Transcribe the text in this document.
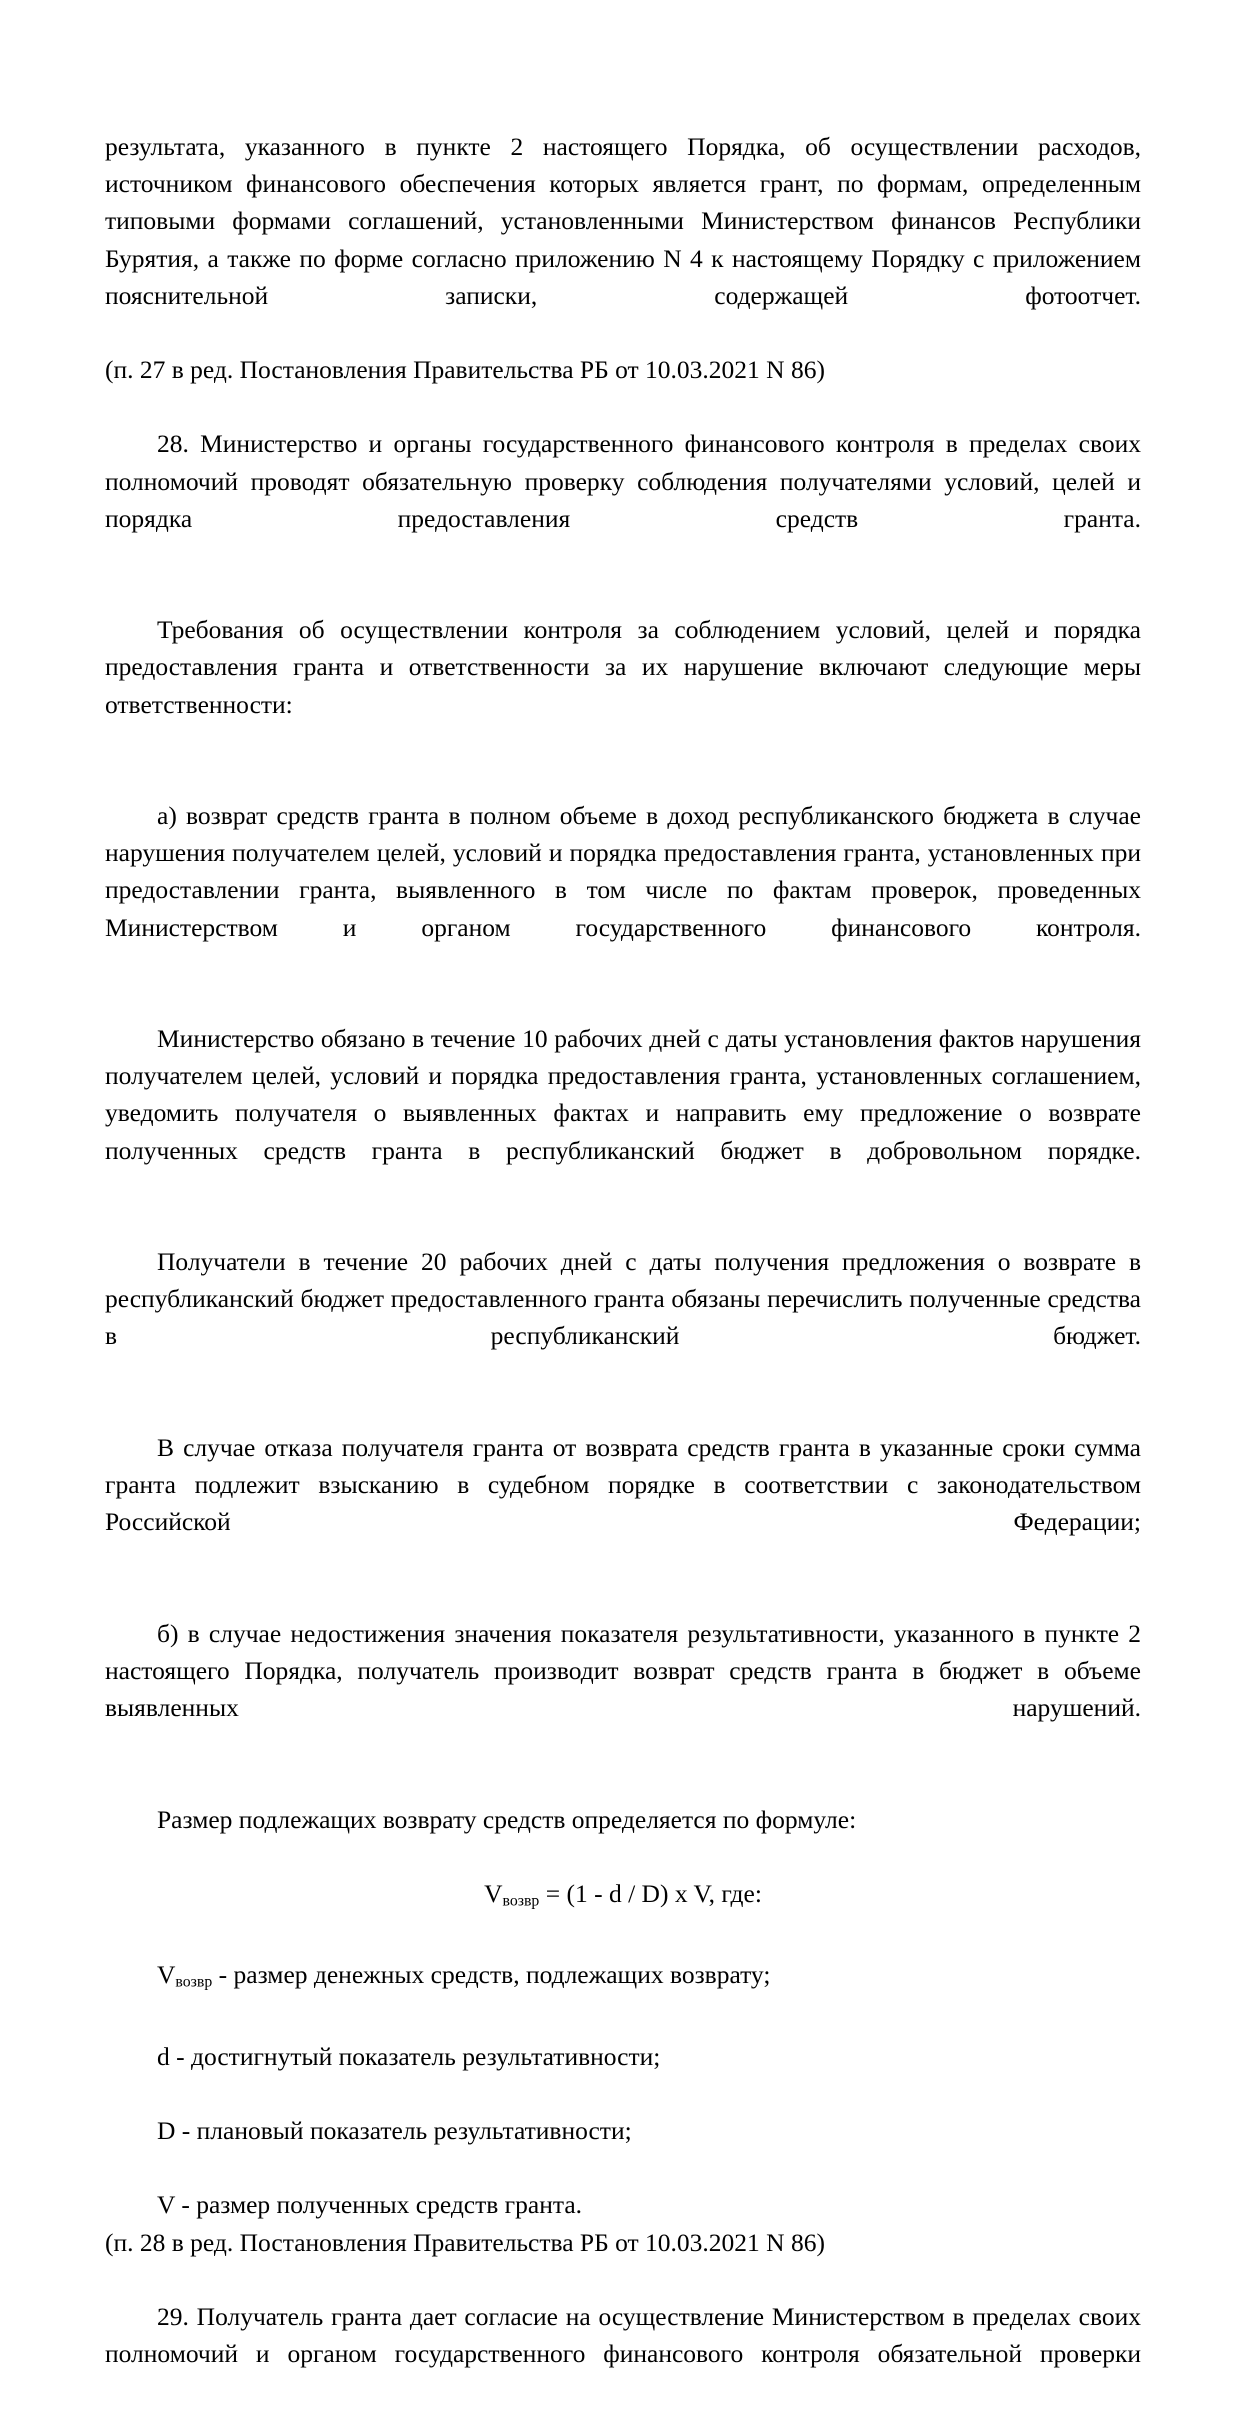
результата, указанного в пункте 2 настоящего Порядка, об осуществлении расходов, источником финансового обеспечения которых является грант, по формам, определенным типовыми формами соглашений, установленными Министерством финансов Республики Бурятия, а также по форме согласно приложению N 4 к настоящему Порядку с приложением пояснительной записки, содержащей фотоотчет.

(п. 27 в ред. Постановления Правительства РБ от 10.03.2021 N 86)

28. Министерство и органы государственного финансового контроля в пределах своих полномочий проводят обязательную проверку соблюдения получателями условий, целей и порядка предоставления средств гранта.

Требования об осуществлении контроля за соблюдением условий, целей и порядка предоставления гранта и ответственности за их нарушение включают следующие меры ответственности:

а) возврат средств гранта в полном объеме в доход республиканского бюджета в случае нарушения получателем целей, условий и порядка предоставления гранта, установленных при предоставлении гранта, выявленного в том числе по фактам проверок, проведенных Министерством и органом государственного финансового контроля.

Министерство обязано в течение 10 рабочих дней с даты установления фактов нарушения получателем целей, условий и порядка предоставления гранта, установленных соглашением, уведомить получателя о выявленных фактах и направить ему предложение о возврате полученных средств гранта в республиканский бюджет в добровольном порядке.

Получатели в течение 20 рабочих дней с даты получения предложения о возврате в республиканский бюджет предоставленного гранта обязаны перечислить полученные средства в республиканский бюджет.

В случае отказа получателя гранта от возврата средств гранта в указанные сроки сумма гранта подлежит взысканию в судебном порядке в соответствии с законодательством Российской Федерации;

б) в случае недостижения значения показателя результативности, указанного в пункте 2 настоящего Порядка, получатель производит возврат средств гранта в бюджет в объеме выявленных нарушений.

Размер подлежащих возврату средств определяется по формуле:

$V_{возвр} = (1 - d / D)$ x V, где:

$V_{возвр}$ - размер денежных средств, подлежащих возврату;

d - достигнутый показатель результативности;

D - плановый показатель результативности;

V - размер полученных средств гранта.

(п. 28 в ред. Постановления Правительства РБ от 10.03.2021 N 86)

29. Получатель гранта дает согласие на осуществление Министерством в пределах своих полномочий и органом государственного финансового контроля обязательной проверки
